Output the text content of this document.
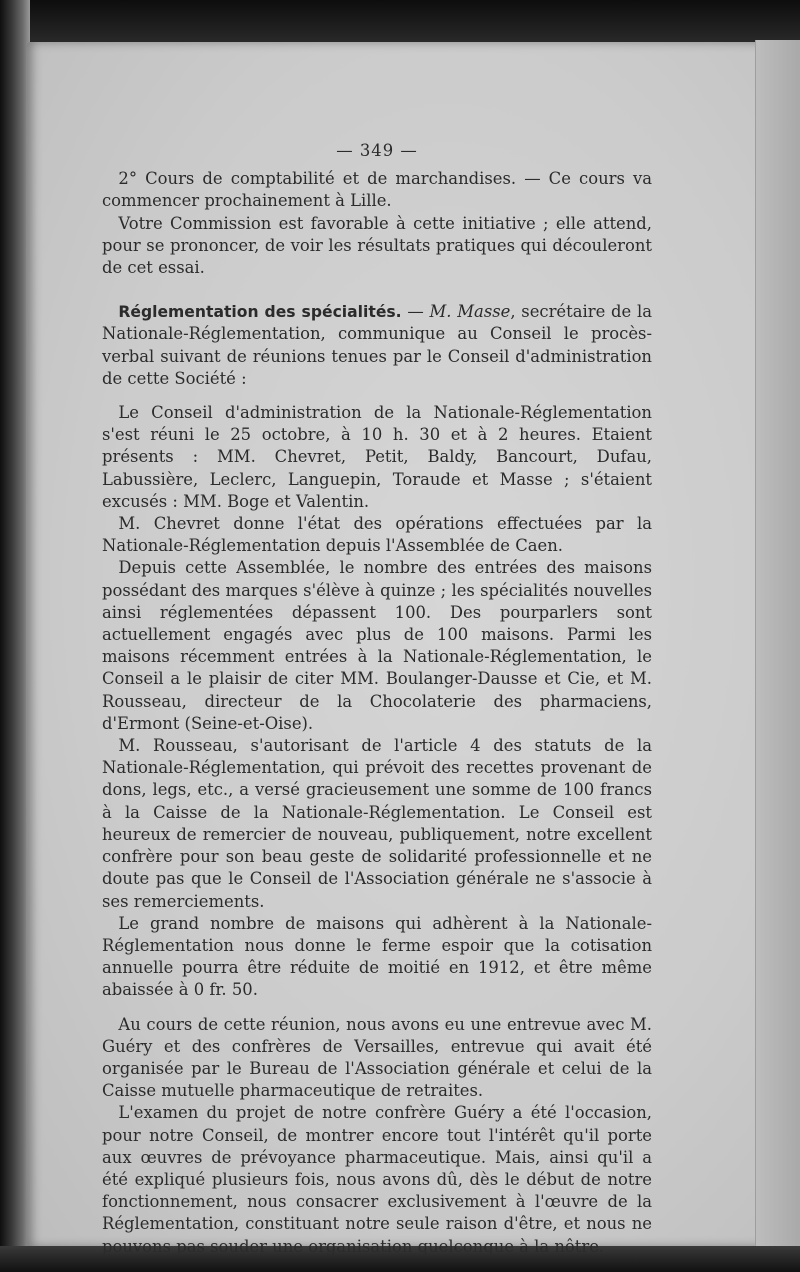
— 349 —

2° Cours de comptabilité et de marchandises. — Ce cours va commencer prochainement à Lille.

Votre Commission est favorable à cette initiative ; elle attend, pour se prononcer, de voir les résultats pratiques qui découleront de cet essai.

Réglementation des spécialités. — M. Masse, secrétaire de la Nationale-Réglementation, communique au Conseil le procès-verbal suivant de réunions tenues par le Conseil d'administration de cette Société :

Le Conseil d'administration de la Nationale-Réglementation s'est réuni le 25 octobre, à 10 h. 30 et à 2 heures. Etaient présents : MM. Chevret, Petit, Baldy, Bancourt, Dufau, Labussière, Leclerc, Languepin, Toraude et Masse ; s'étaient excusés : MM. Boge et Valentin.

M. Chevret donne l'état des opérations effectuées par la Nationale-Réglementation depuis l'Assemblée de Caen.

Depuis cette Assemblée, le nombre des entrées des maisons possédant des marques s'élève à quinze ; les spécialités nouvelles ainsi réglementées dépassent 100. Des pourparlers sont actuellement engagés avec plus de 100 maisons. Parmi les maisons récemment entrées à la Nationale-Réglementation, le Conseil a le plaisir de citer MM. Boulanger-Dausse et Cie, et M. Rousseau, directeur de la Chocolaterie des pharmaciens, d'Ermont (Seine-et-Oise).

M. Rousseau, s'autorisant de l'article 4 des statuts de la Nationale-Réglementation, qui prévoit des recettes provenant de dons, legs, etc., a versé gracieusement une somme de 100 francs à la Caisse de la Nationale-Réglementation. Le Conseil est heureux de remercier de nouveau, publiquement, notre excellent confrère pour son beau geste de solidarité professionnelle et ne doute pas que le Conseil de l'Association générale ne s'associe à ses remerciements.

Le grand nombre de maisons qui adhèrent à la Nationale-Réglementation nous donne le ferme espoir que la cotisation annuelle pourra être réduite de moitié en 1912, et être même abaissée à 0 fr. 50.

Au cours de cette réunion, nous avons eu une entrevue avec M. Guéry et des confrères de Versailles, entrevue qui avait été organisée par le Bureau de l'Association générale et celui de la Caisse mutuelle pharmaceutique de retraites.

L'examen du projet de notre confrère Guéry a été l'occasion, pour notre Conseil, de montrer encore tout l'intérêt qu'il porte aux œuvres de prévoyance pharmaceutique. Mais, ainsi qu'il a été expliqué plusieurs fois, nous avons dû, dès le début de notre fonctionnement, nous consacrer exclusivement à l'œuvre de la Réglementation, constituant notre seule raison d'être, et nous ne pouvons pas souder une organisation quelconque à la nôtre.
